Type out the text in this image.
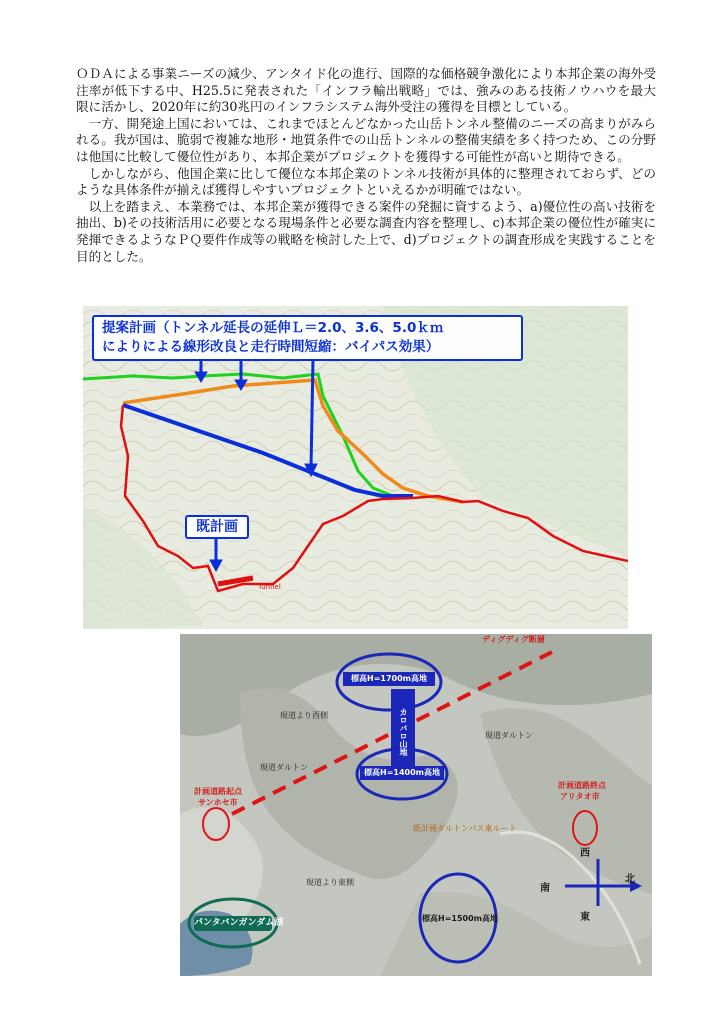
ＯＤＡによる事業ニーズの減少、アンタイド化の進行、国際的な価格競争激化により本邦企業の海外受注率が低下する中、H25.5に発表された「インフラ輸出戦略」では、強みのある技術ノウハウを最大限に活かし、2020年に約30兆円のインフラシステム海外受注の獲得を目標としている。

一方、開発途上国においては、これまでほとんどなかった山岳トンネル整備のニーズの高まりがみられる。我が国は、脆弱で複雑な地形・地質条件での山岳トンネルの整備実績を多く持つため、この分野は他国に比較して優位性があり、本邦企業がプロジェクトを獲得する可能性が高いと期待できる。

しかしながら、他国企業に比して優位な本邦企業のトンネル技術が具体的に整理されておらず、どのような具体条件が揃えば獲得しやすいプロジェクトといえるかが明確ではない。

以上を踏まえ、本業務では、本邦企業が獲得できる案件の発掘に資するよう、a)優位性の高い技術を抽出、b)その技術活用に必要となる現場条件と必要な調査内容を整理し、c)本邦企業の優位性が確実に発揮できるようなＰＱ要件作成等の戦略を検討した上で、d)プロジェクトの調査形成を実践することを目的とした。

提案計画（トンネル延長の延伸Ｌ＝2.0、3.6、5.0ｋｍ
によりによる線形改良と走行時間短縮：バイパス効果）
既計画
Tunnel
ディグディグ断層
標高H=1700m高地
カロバロ山地
標高H=1400m高地
現道より西側
現道ダルトン
現道ダルトン
計画道路起点
サンホセ市
計画道路終点
アリタオ市
既計画ダルトンパス東ルート
現道より東側
標高H=1500m高地
パンタバンガンダム湖
西
南
北
東
